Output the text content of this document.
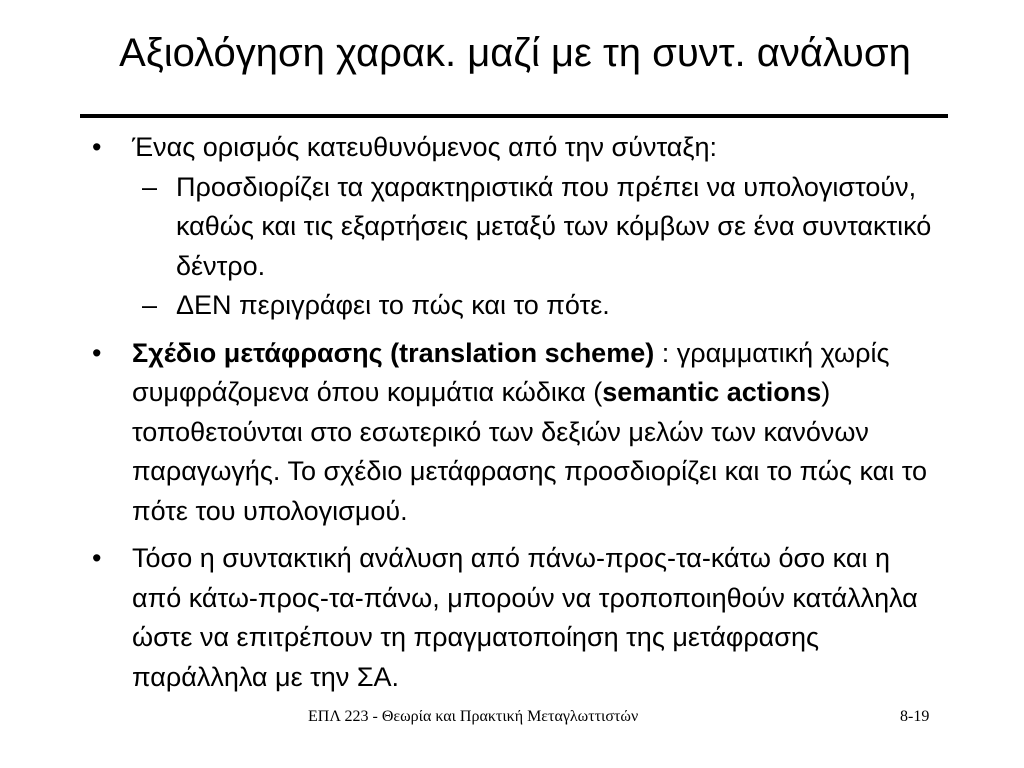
Αξιολόγηση χαρακ. μαζί με τη συντ. ανάλυση
• Ένας ορισμός κατευθυνόμενος από την σύνταξη:
– Προσδιορίζει τα χαρακτηριστικά που πρέπει να υπολογιστούν, καθώς και τις εξαρτήσεις μεταξύ των κόμβων σε ένα συντακτικό δέντρο.
– ΔΕΝ περιγράφει το πώς και το πότε.
• Σχέδιο μετάφρασης (translation scheme) : γραμματική χωρίς συμφράζομενα όπου κομμάτια κώδικα (semantic actions) τοποθετούνται στο εσωτερικό των δεξιών μελών των κανόνων παραγωγής. Το σχέδιο μετάφρασης προσδιορίζει και το πώς και το πότε του υπολογισμού.
• Τόσο η συντακτική ανάλυση από πάνω-προς-τα-κάτω όσο και η από κάτω-προς-τα-πάνω, μπορούν να τροποποιηθούν κατάλληλα ώστε να επιτρέπουν τη πραγματοποίηση της μετάφρασης παράλληλα με την ΣΑ.
ΕΠΛ 223 - Θεωρία και Πρακτική Μεταγλωττιστών	8-19
